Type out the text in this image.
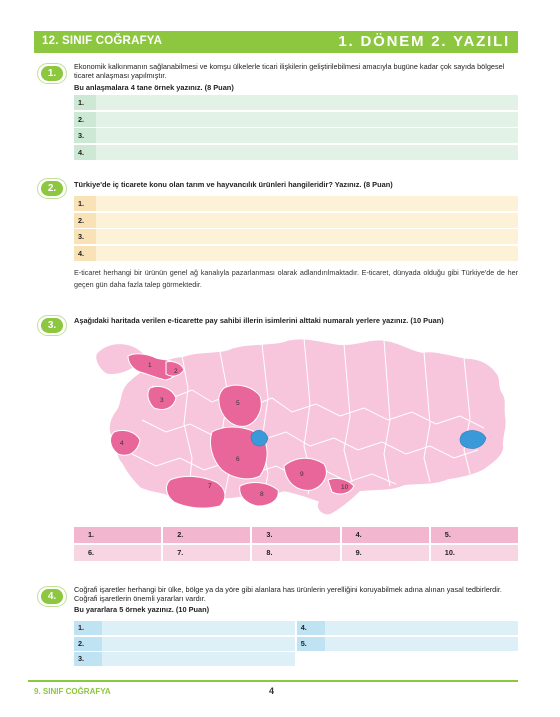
12. SINIF COĞRAFYA	1. DÖNEM 2. YAZILI
1.
Ekonomik kalkınmanın sağlanabilmesi ve komşu ülkelerle ticari ilişkilerin geliştirilebilmesi amacıyla bugüne kadar çok sayıda bölgesel ticaret anlaşması yapılmıştır.
Bu anlaşmalara 4 tane örnek yazınız. (8 Puan)
1.
2.
3.
4.
2.	Türkiye'de iç ticarete konu olan tarım ve hayvancılık ürünleri hangileridir? Yazınız. (8 Puan)
1.
2.
3.
4.
E-ticaret herhangi bir ürünün genel ağ kanalıyla pazarlanması olarak adlandırılmaktadır. E-ticaret, dünyada olduğu gibi Türkiye'de de her geçen gün daha fazla talep görmektedir.
3.	Aşağıdaki haritada verilen e-ticarette pay sahibi illerin isimlerini alttaki numaralı yerlere yazınız. (10 Puan)
1
2
3
4
5
6
7
8
9
10
1.	2.	3.	4.	5.
6.	7.	8.	9.	10.
4.
Coğrafi işaretler herhangi bir ülke, bölge ya da yöre gibi alanlara has ürünlerin yerelliğini koruyabilmek adına alınan yasal tedbirlerdir. Coğrafi işaretlerin önemli yararları vardır.
Bu yararlara 5 örnek yazınız. (10 Puan)
1.	4.
2.	5.
3.
9. SINIF COĞRAFYA	4
